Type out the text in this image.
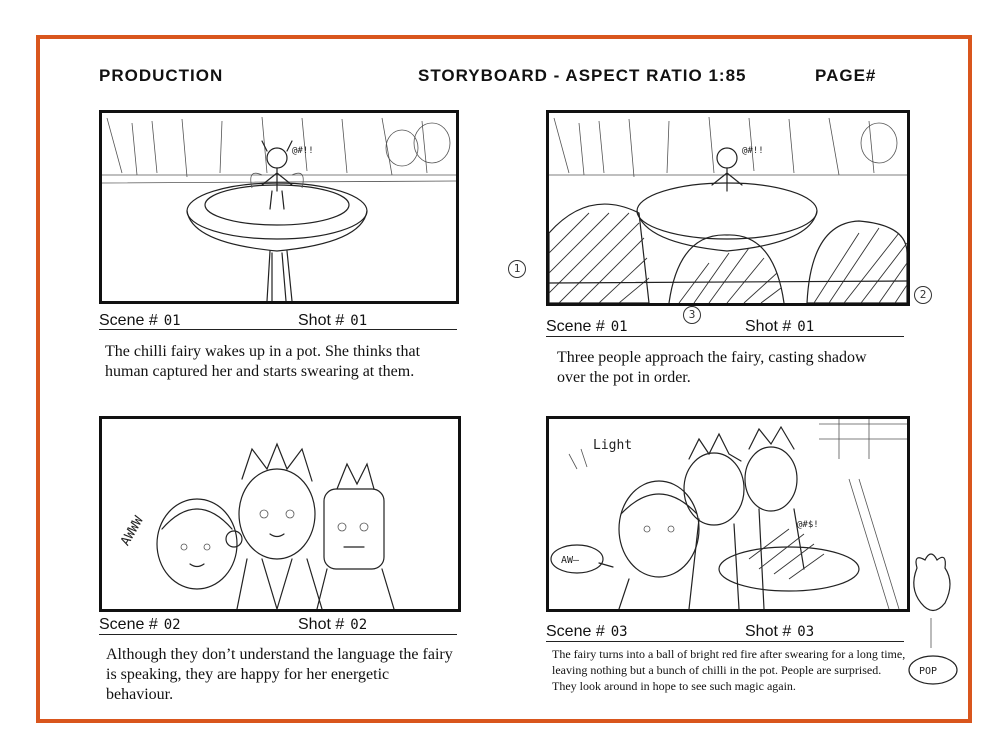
PRODUCTION	STORYBOARD - ASPECT RATIO 1:85	PAGE#
@#!!
Scene # 01	Shot # 01
The chilli fairy wakes up in a pot. She thinks that human captured her and starts swearing at them.
@#!!
1
2
3
Scene # 01	Shot # 01
Three people approach the fairy, casting shadow over the pot in order.
AWWW
Scene # 02	Shot # 02
Although they don’t understand the language the fairy is speaking, they are happy for her energetic behaviour.
Light
AW—
@#$!
POP
Scene # 03	Shot # 03
The fairy turns into a ball of bright red fire after swearing for a long time, leaving nothing but a bunch of chilli in the pot. People are surprised. They look around in hope to see such magic again.
